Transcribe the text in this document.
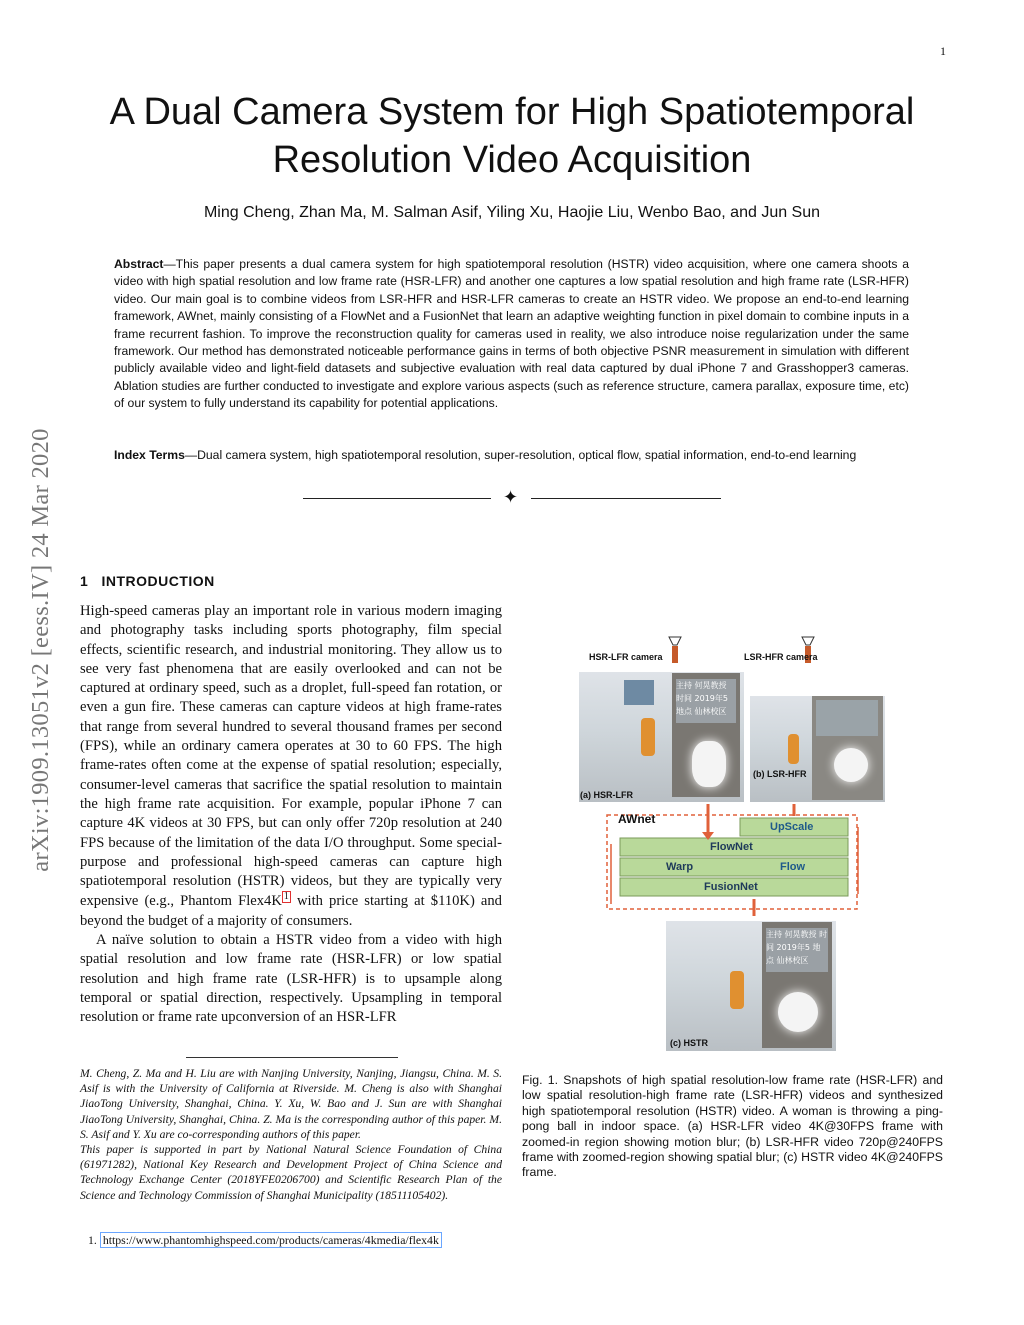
1
A Dual Camera System for High Spatiotemporal
Resolution Video Acquisition
Ming Cheng, Zhan Ma, M. Salman Asif, Yiling Xu, Haojie Liu, Wenbo Bao, and Jun Sun
Abstract—This paper presents a dual camera system for high spatiotemporal resolution (HSTR) video acquisition, where one camera shoots a video with high spatial resolution and low frame rate (HSR-LFR) and another one captures a low spatial resolution and high frame rate (LSR-HFR) video. Our main goal is to combine videos from LSR-HFR and HSR-LFR cameras to create an HSTR video. We propose an end-to-end learning framework, AWnet, mainly consisting of a FlowNet and a FusionNet that learn an adaptive weighting function in pixel domain to combine inputs in a frame recurrent fashion. To improve the reconstruction quality for cameras used in reality, we also introduce noise regularization under the same framework. Our method has demonstrated noticeable performance gains in terms of both objective PSNR measurement in simulation with different publicly available video and light-field datasets and subjective evaluation with real data captured by dual iPhone 7 and Grasshopper3 cameras. Ablation studies are further conducted to investigate and explore various aspects (such as reference structure, camera parallax, exposure time, etc) of our system to fully understand its capability for potential applications.
Index Terms—Dual camera system, high spatiotemporal resolution, super-resolution, optical flow, spatial information, end-to-end learning
✦
arXiv:1909.13051v2 [eess.IV] 24 Mar 2020 1 INTRODUCTION

High-speed cameras play an important role in various modern imaging and photography tasks including sports photography, film special effects, scientific research, and industrial monitoring. They allow us to see very fast phenomena that are easily overlooked and can not be captured at ordinary speed, such as a droplet, full-speed fan rotation, or even a gun fire. These cameras can capture videos at high frame-rates that range from several hundred to several thousand frames per second (FPS), while an ordinary camera operates at 30 to 60 FPS. The high frame-rates often come at the expense of spatial resolution; especially, consumer-level cameras that sacrifice the spatial resolution to maintain the high frame rate acquisition. For example, popular iPhone 7 can capture 4K videos at 30 FPS, but can only offer 720p resolution at 240 FPS because of the limitation of the data I/O throughput. Some special-purpose and professional high-speed cameras can capture high spatiotemporal resolution (HSTR) videos, but they are typically very expensive (e.g., Phantom Flex4K 1 with price starting at $110K) and beyond the budget of a majority of consumers.

A naïve solution to obtain a HSTR video from a video with high spatial resolution and low frame rate (HSR-LFR) or low spatial resolution and high frame rate (LSR-HFR) is to upsample along temporal or spatial direction, respectively. Upsampling in temporal resolution or frame rate upconversion of an HSR-LFR

M. Cheng, Z. Ma and H. Liu are with Nanjing University, Nanjing, Jiangsu, China. M. S. Asif is with the University of California at Riverside. M. Cheng is also with Shanghai JiaoTong University, Shanghai, China. Y. Xu, W. Bao and J. Sun are with Shanghai JiaoTong University, Shanghai, China. Z. Ma is the corresponding author of this paper. M. S. Asif and Y. Xu are co-corresponding authors of this paper.

This paper is supported in part by National Natural Science Foundation of China (61971282), National Key Research and Development Project of China Science and Technology Exchange Center (2018YFE0206700) and Scientific Research Plan of the Science and Technology Commission of Shanghai Municipality (18511105402).

1. https://www.phantomhighspeed.com/products/cameras/4kmedia/flex4k
HSR-LFR camera	LSR-HFR camera
主持 何晃教授 时间 2019年5 地点 仙林校区
(a) HSR-LFR
(b) LSR-HFR
AWnet
UpScale
FlowNet
Warp	Flow
FusionNet
主持 何晃教授 时间 2019年5 地点 仙林校区
(c) HSTR
Fig. 1. Snapshots of high spatial resolution-low frame rate (HSR-LFR) and low spatial resolution-high frame rate (LSR-HFR) videos and synthesized high spatiotemporal resolution (HSTR) video. A woman is throwing a ping-pong ball in indoor space. (a) HSR-LFR video 4K@30FPS frame with zoomed-in region showing motion blur; (b) LSR-HFR video 720p@240FPS frame with zoomed-region showing spatial blur; (c) HSTR video 4K@240FPS frame.
